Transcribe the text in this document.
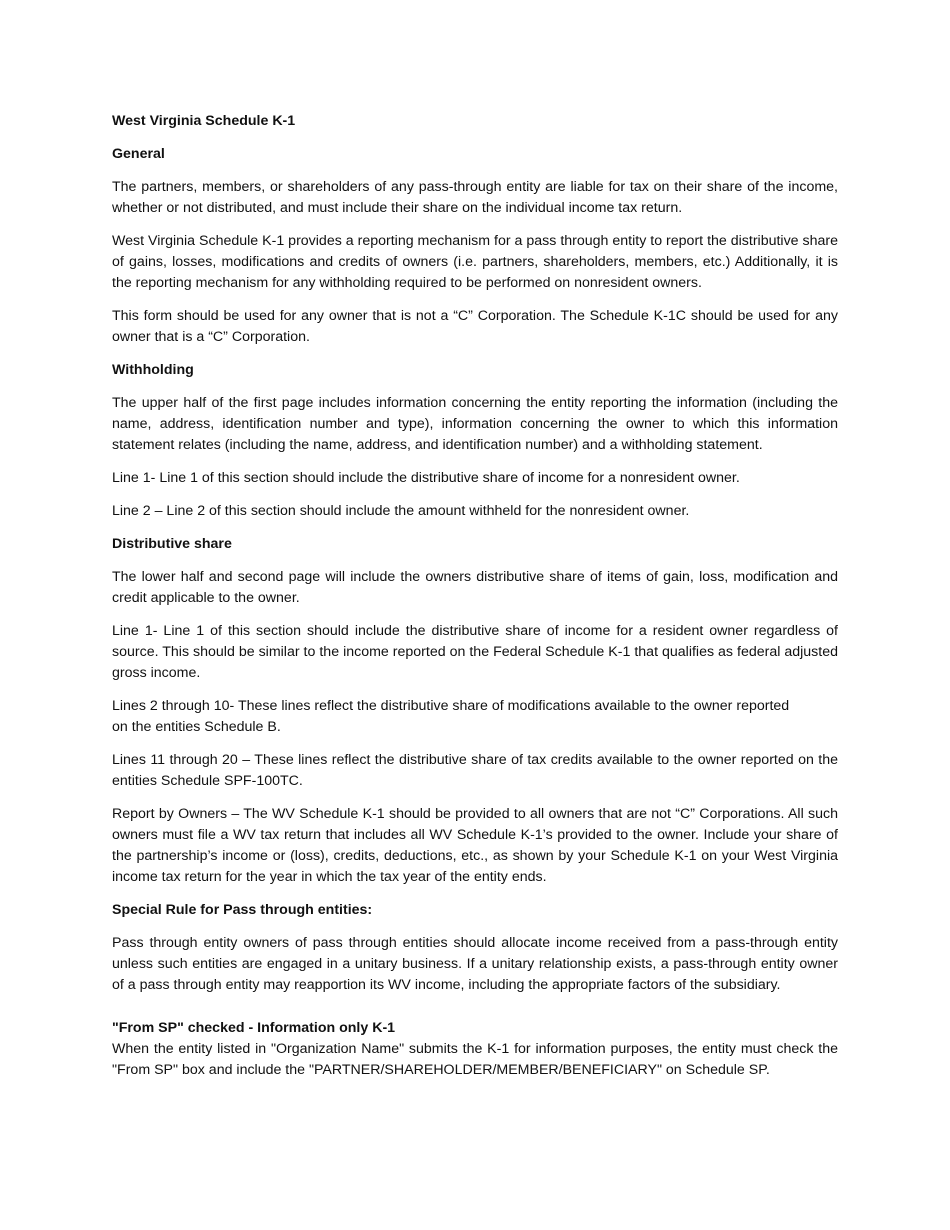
West Virginia Schedule K-1
General

The partners, members, or shareholders of any pass-through entity are liable for tax on their share of the income, whether or not distributed, and must include their share on the individual income tax return.

West Virginia Schedule K-1 provides a reporting mechanism for a pass through entity to report the distributive share of gains, losses, modifications and credits of owners (i.e. partners, shareholders, members, etc.) Additionally, it is the reporting mechanism for any withholding required to be performed on nonresident owners.

This form should be used for any owner that is not a “C” Corporation. The Schedule K-1C should be used for any owner that is a “C” Corporation.

Withholding

The upper half of the first page includes information concerning the entity reporting the information (including the name, address, identification number and type), information concerning the owner to which this information statement relates (including the name, address, and identification number) and a withholding statement.

Line 1- Line 1 of this section should include the distributive share of income for a nonresident owner.

Line 2 – Line 2 of this section should include the amount withheld for the nonresident owner.

Distributive share

The lower half and second page will include the owners distributive share of items of gain, loss, modification and credit applicable to the owner.

Line 1- Line 1 of this section should include the distributive share of income for a resident owner regardless of source. This should be similar to the income reported on the Federal Schedule K-1 that qualifies as federal adjusted gross income.

Lines 2 through 10- These lines reflect the distributive share of modifications available to the owner reported on the entities Schedule B.

Lines 11 through 20 – These lines reflect the distributive share of tax credits available to the owner reported on the entities Schedule SPF-100TC.

Report by Owners – The WV Schedule K-1 should be provided to all owners that are not “C” Corporations. All such owners must file a WV tax return that includes all WV Schedule K-1’s provided to the owner. Include your share of the partnership’s income or (loss), credits, deductions, etc., as shown by your Schedule K-1 on your West Virginia income tax return for the year in which the tax year of the entity ends.

Special Rule for Pass through entities:

Pass through entity owners of pass through entities should allocate income received from a pass-through entity unless such entities are engaged in a unitary business. If a unitary relationship exists, a pass-through entity owner of a pass through entity may reapportion its WV income, including the appropriate factors of the subsidiary.

"From SP" checked - Information only K-1

When the entity listed in "Organization Name" submits the K-1 for information purposes, the entity must check the "From SP" box and include the "PARTNER/SHAREHOLDER/MEMBER/BENEFICIARY" on Schedule SP.
